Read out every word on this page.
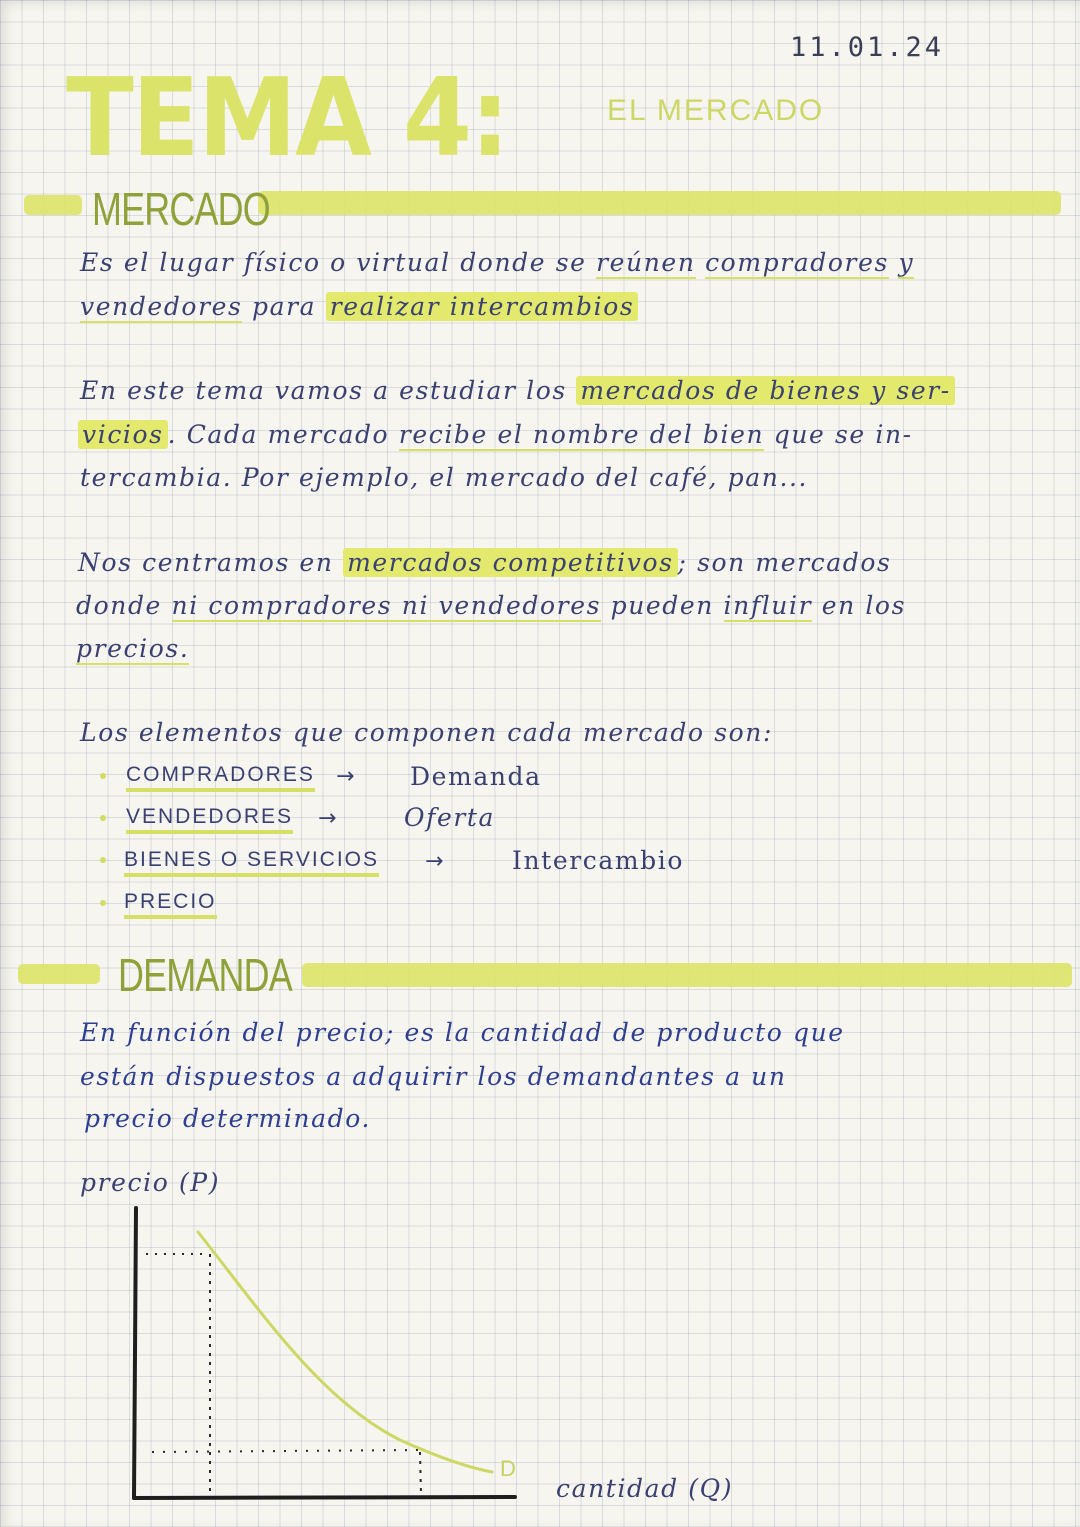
11.01.24
TEMA 4:	EL MERCADO
MERCADO
Es el lugar físico o virtual donde se reúnen compradores y
vendedores para realizar intercambios
En este tema vamos a estudiar los mercados de bienes y ser-
vicios . Cada mercado recibe el nombre del bien que se in-
tercambia. Por ejemplo, el mercado del café, pan...
Nos centramos en mercados competitivos ; son mercados
donde ni compradores ni vendedores pueden influir en los
precios.
Los elementos que componen cada mercado son:
COMPRADORES → Demanda
VENDEDORES →	Oferta
BIENES O SERVICIOS →	Intercambio
PRECIO
DEMANDA
En función del precio; es la cantidad de producto que
están dispuestos a adquirir los demandantes a un
precio determinado.
precio (P)
cantidad (Q)
D
